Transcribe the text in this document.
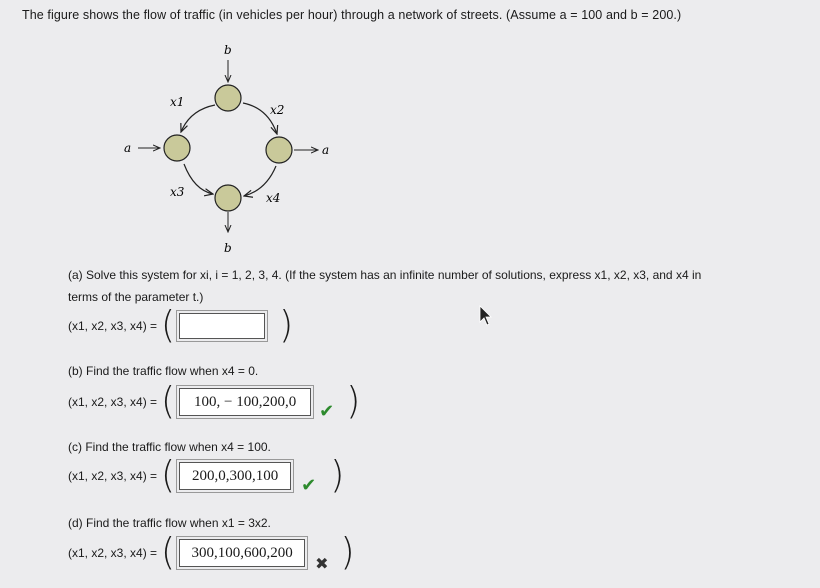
The figure shows the flow of traffic (in vehicles per hour) through a network of streets. (Assume a = 100 and b = 200.)
b
b
a	a
x1
x2
x3	x4
(a) Solve this system for xi, i = 1, 2, 3, 4. (If the system has an infinite number of solutions, express x1, x2, x3, and x4 in
terms of the parameter t.)
(x1, x2, x3, x4) = (	)
(b) Find the traffic flow when x4 = 0.
(x1, x2, x3, x4) = (	100, − 100,200,0	✔ )
(c) Find the traffic flow when x4 = 100.
(x1, x2, x3, x4) = (	200,0,300,100	✔ )
(d) Find the traffic flow when x1 = 3x2.
(x1, x2, x3, x4) = (	300,100,600,200
✖ )
